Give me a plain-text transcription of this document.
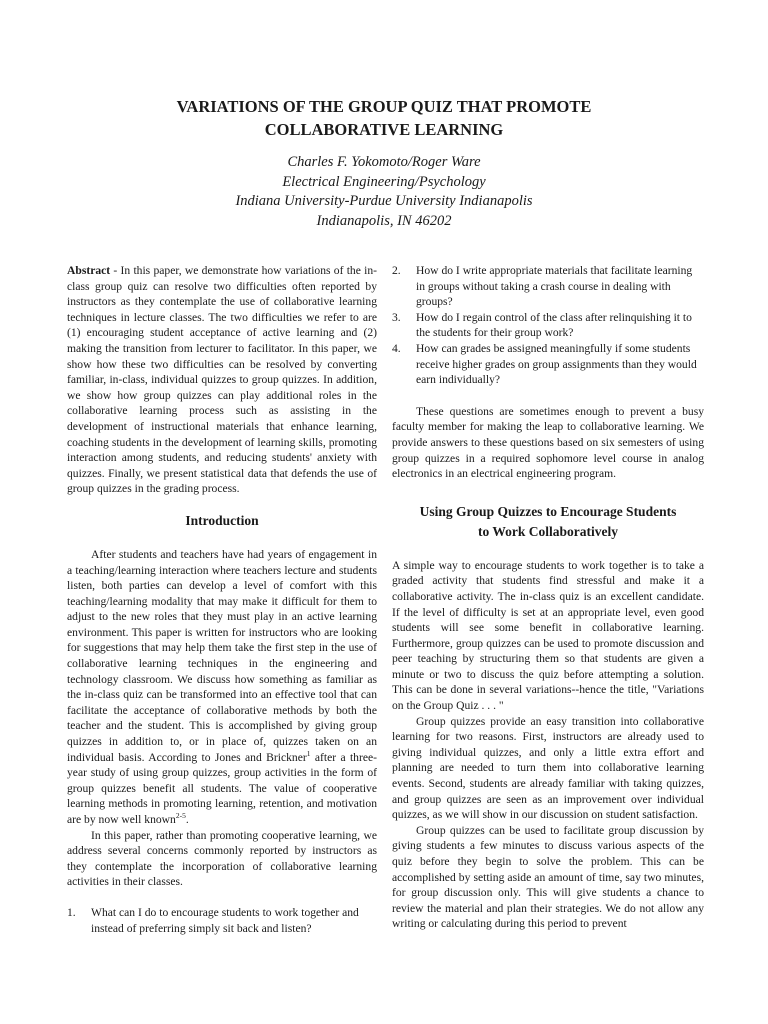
VARIATIONS OF THE GROUP QUIZ THAT PROMOTE
COLLABORATIVE LEARNING
Charles F. Yokomoto/Roger Ware
Electrical Engineering/Psychology
Indiana University-Purdue University Indianapolis
Indianapolis, IN 46202

Abstract - In this paper, we demonstrate how variations of the in-class group quiz can resolve two difficulties often reported by instructors as they contemplate the use of collaborative learning techniques in lecture classes. The two difficulties we refer to are (1) encouraging student acceptance of active learning and (2) making the transition from lecturer to facilitator. In this paper, we show how these two difficulties can be resolved by converting familiar, in-class, individual quizzes to group quizzes. In addition, we show how group quizzes can play additional roles in the collaborative learning process such as assisting in the development of instructional materials that enhance learning, coaching students in the development of learning skills, promoting interaction among students, and reducing students' anxiety with quizzes. Finally, we present statistical data that defends the use of group quizzes in the grading process.

Introduction

After students and teachers have had years of engagement in a teaching/learning interaction where teachers lecture and students listen, both parties can develop a level of comfort with this teaching/learning modality that may make it difficult for them to adjust to the new roles that they must play in an active learning environment. This paper is written for instructors who are looking for suggestions that may help them take the first step in the use of collaborative learning techniques in the engineering and technology classroom. We discuss how something as familiar as the in-class quiz can be transformed into an effective tool that can facilitate the acceptance of collaborative methods by both the teacher and the student. This is accomplished by giving group quizzes in addition to, or in place of, quizzes taken on an individual basis. According to Jones and Brickner$^1$ after a three-year study of using group quizzes, group activities in the form of group quizzes benefit all students. The value of cooperative learning methods in promoting learning, retention, and motivation are by now well known$^{2-5}$.

In this paper, rather than promoting cooperative learning, we address several concerns commonly reported by instructors as they contemplate the incorporation of collaborative learning activities in their classes.

1.	What can I do to encourage students to work together and instead of preferring simply sit back and listen?
2.	How do I write appropriate materials that facilitate learning in groups without taking a crash course in dealing with groups?
3.	How do I regain control of the class after relinquishing it to the students for their group work?
4.	How can grades be assigned meaningfully if some students receive higher grades on group assignments than they would earn individually?

These questions are sometimes enough to prevent a busy faculty member for making the leap to collaborative learning. We provide answers to these questions based on six semesters of using group quizzes in a required sophomore level course in analog electronics in an electrical engineering program.

Using Group Quizzes to Encourage Students

to Work Collaboratively

A simple way to encourage students to work together is to take a graded activity that students find stressful and make it a collaborative activity. The in-class quiz is an excellent candidate. If the level of difficulty is set at an appropriate level, even good students will see some benefit in collaborative learning. Furthermore, group quizzes can be used to promote discussion and peer teaching by structuring them so that students are given a minute or two to discuss the quiz before attempting a solution. This can be done in several variations--hence the title, "Variations on the Group Quiz . . . "

Group quizzes provide an easy transition into collaborative learning for two reasons. First, instructors are already used to giving individual quizzes, and only a little extra effort and planning are needed to turn them into collaborative learning events. Second, students are already familiar with taking quizzes, and group quizzes are seen as an improvement over individual quizzes, as we will show in our discussion on student satisfaction.

Group quizzes can be used to facilitate group discussion by giving students a few minutes to discuss various aspects of the quiz before they begin to solve the problem. This can be accomplished by setting aside an amount of time, say two minutes, for group discussion only. This will give students a chance to review the material and plan their strategies. We do not allow any writing or calculating during this period to prevent
